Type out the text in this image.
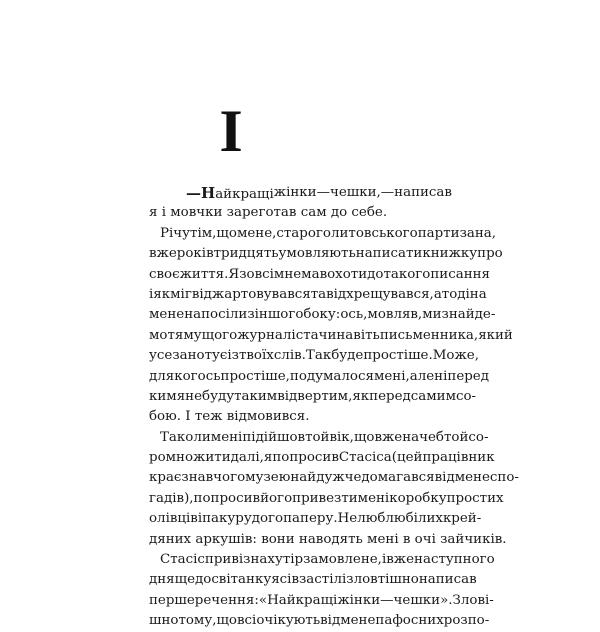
I
—Найкращі жінки — чешки, — написав
я і мовчки зареготав сам до себе.
Річ у тім, що мене, старого литовського партизана,
вже років тридцять умовляють написати книжку про
своє життя. Я зовсім не мав охоти до такого писання
і як міг віджартовувався та відхрещувався, а тоді на
мене напосіли з іншого боку: ось, мовляв, ми знайде-
мо тямущого журналіста чи навіть письменника, який
усе занотує із твоїх слів. Так буде простіше. Може,
для когось простіше, подумалося мені, але ні перед
ким я не буду таким відвертим, як перед самим со-
бою. І теж відмовився.
Та коли мені підійшов той вік, що вже начебто й со-
ромно жити далі, я попросив Стасіса (цей працівник
краєзнавчого музею найдужче домагався від мене спо-
гадів), попросив його привезти мені коробку простих
олівців і паку рудого паперу. Не люблю білих крей-
дяних аркушів: вони наводять мені в очі зайчиків.
Стасіс привіз на хутір замовлене, і вже наступного
дня ще до світанку я сів за стіл і зловтішно написав
перше речення: «Найкращі жінки — чешки». Злові-
шно тому, що всі очікують від мене пафосних розпо-
